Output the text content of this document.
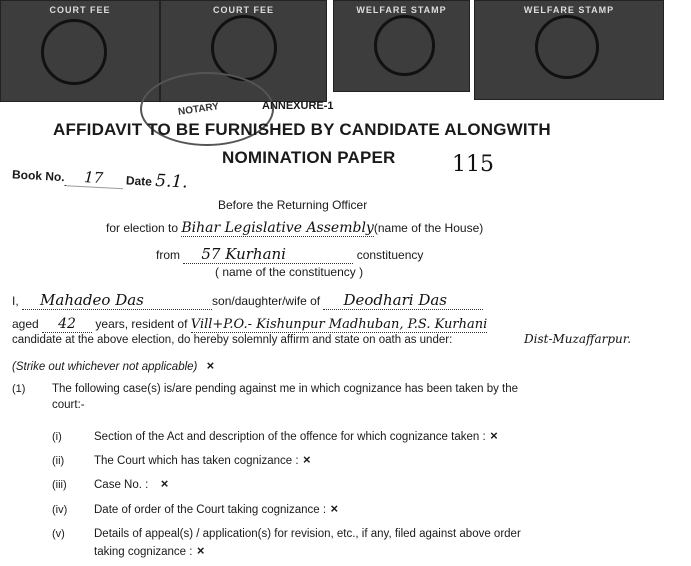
COURT FEE	COURT FEE	WELFARE STAMP	WELFARE STAMP
NOTARY	ANNEXURE-1
AFFIDAVIT TO BE FURNISHED BY CANDIDATE ALONGWITH
NOMINATION PAPER
Book No. 17 Date 5.1.
115
Before the Returning Officer
for election to Bihar Legislative Assembly(name of the House)
from 57 Kurhani	constituency
( name of the constituency )
I, Mahadeo Das	son/daughter/wife of Deodhari Das
aged 42 years, resident of Vill+P.O.- Kishunpur Madhuban, P.S. Kurhani
Dist-Muzaffarpur.
candidate at the above election, do hereby solemnly affirm and state on oath as under:
(Strike out whichever not applicable) ×
(1) The following case(s) is/are pending against me in which cognizance has been taken by the
court:-
(i)	Section of the Act and description of the offence for which cognizance taken : ×
(ii)	The Court which has taken cognizance : ×
(iii) Case No. : ×
(iv) Date of order of the Court taking cognizance : ×
(v)	Details of appeal(s) / application(s) for revision, etc., if any, filed against above order
taking cognizance : ×
